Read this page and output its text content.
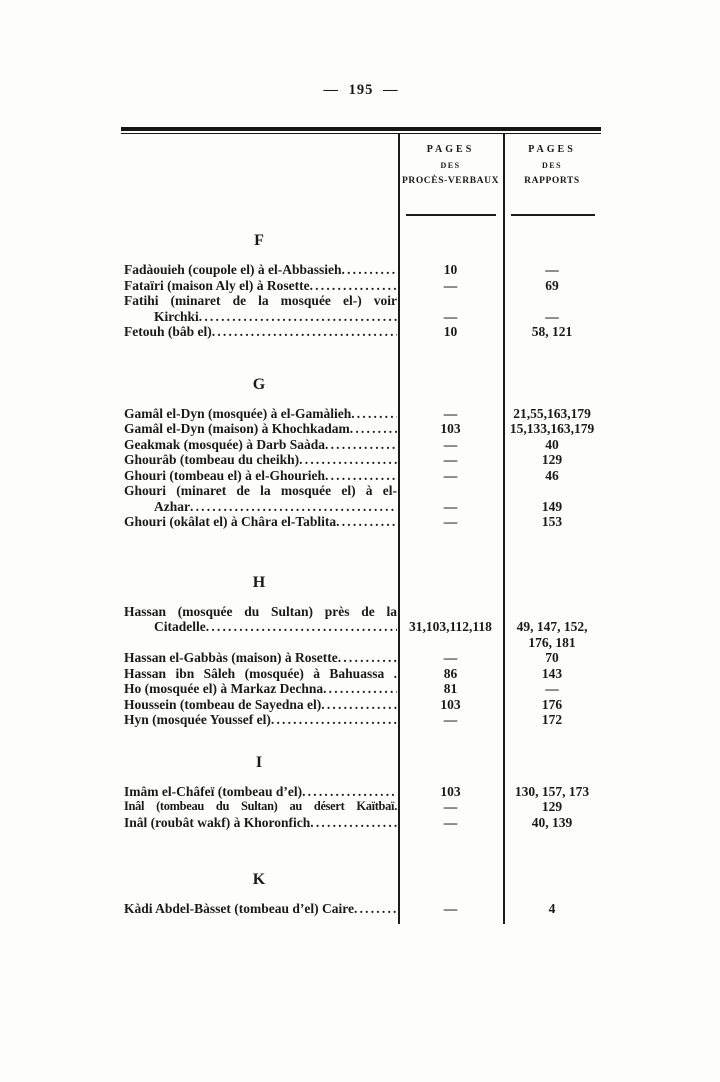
— 195 —
PAGES
DES
PROCÈS-VERBAUX
PAGES
DES
RAPPORTS
F
Fadàouieh (coupole el) à el-Abbassieh .....	10	—
Fataïri (maison Aly el) à Rosette .....	—	69
Fatihi (minaret de la mosquée el-) voir
Kirchki .....	—	—
Fetouh (bâb el) .....	10	58, 121
G
Gamâl el-Dyn (mosquée) à el-Gamàlieh .....	—	21,55,163,179
Gamâl el-Dyn (maison) à Khochkadam .....	103	15,133,163,179
Geakmak (mosquée) à Darb Saàda .....	—	40
Ghourâb (tombeau du cheikh) .....	—	129
Ghouri (tombeau el) à el-Ghourieh .....	—	46
Ghouri (minaret de la mosquée el) à el-
Azhar .....	—	149
Ghouri (okâlat el) à Châra el-Tablita .....	—	153
H
Hassan (mosquée du Sultan) près de la
Citadelle .....	31,103,112,118	49, 147, 152,
176, 181
Hassan el-Gabbàs (maison) à Rosette .....	—	70
Hassan ibn Sâleh (mosquée) à Bahuassa .	86	143
Ho (mosquée el) à Markaz Dechna .....	81	—
Houssein (tombeau de Sayedna el) .....	103	176
Hyn (mosquée Youssef el) .....	—	172
I
Imâm el-Châfeï (tombeau d’el) .....	103	130, 157, 173
Inâl (tombeau du Sultan) au désert Kaïtbaï.	—	129
Inâl (roubât wakf) à Khoronfich .....	—	40, 139
K
Kàdi Abdel-Bàsset (tombeau d’el) Caire .....	—	4
